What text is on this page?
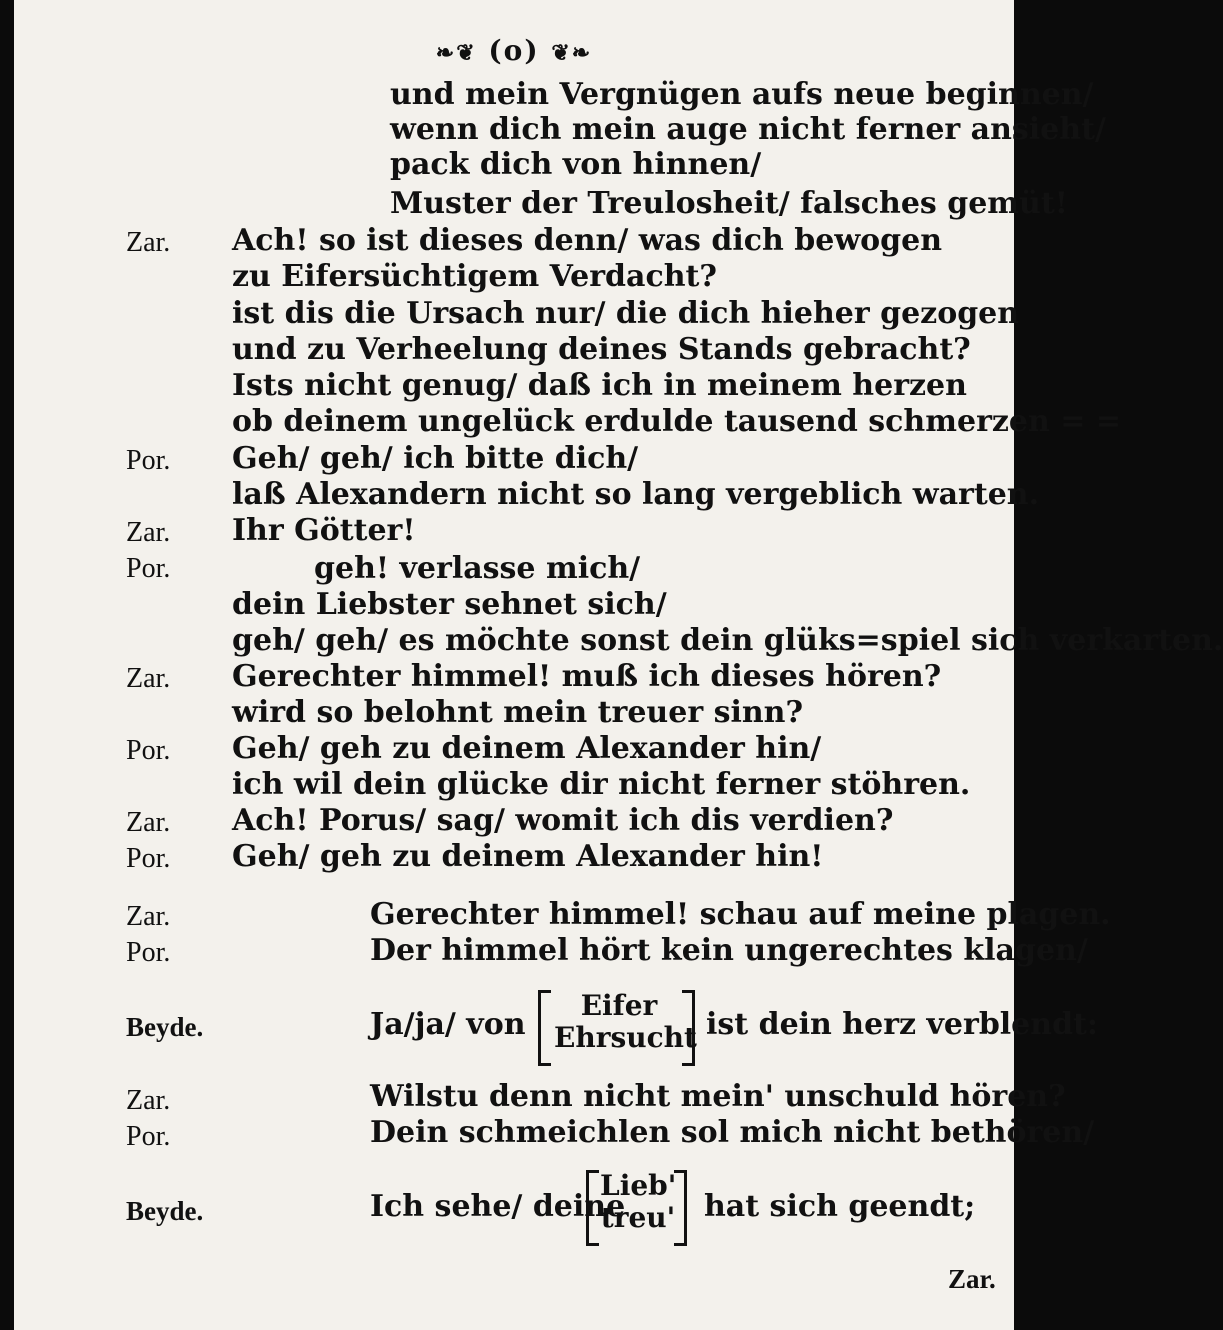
❧❦ (o) ❦❧
und mein Vergnügen aufs neue beginnen/
wenn dich mein auge nicht ferner ansieht/
pack dich von hinnen/
Muster der Treulosheit/ falsches gemüt!
Zar. Ach! so ist dieses denn/ was dich bewogen
zu Eifersüchtigem Verdacht?
ist dis die Ursach nur/ die dich hieher gezogen
und zu Verheelung deines Stands gebracht?
Ists nicht genug/ daß ich in meinem herzen
ob deinem ungelück erdulde tausend schmerzen = =
Por. Geh/ geh/ ich bitte dich/
laß Alexandern nicht so lang vergeblich warten.
Zar. Ihr Götter!
Por.	geh! verlasse mich/
dein Liebster sehnet sich/
geh/ geh/ es möchte sonst dein glüks=spiel sich verkarten.
Zar. Gerechter himmel! muß ich dieses hören?
wird so belohnt mein treuer sinn?
Por. Geh/ geh zu deinem Alexander hin/
ich wil dein glücke dir nicht ferner stöhren.
Zar. Ach! Porus/ sag/ womit ich dis verdien?
Por. Geh/ geh zu deinem Alexander hin!
Zar.	Gerechter himmel! schau auf meine plagen.
Por.	Der himmel hört kein ungerechtes klagen/
Beyde.	Ja/ja/ von
Eifer
Ehrsucht ist dein herz verblendt:
Zar.	Wilstu denn nicht mein' unschuld hören?
Por.	Dein schmeichlen sol mich nicht bethören/
Beyde.	Ich sehe/ deine
Lieb'
treu' hat sich geendt;
Zar.
